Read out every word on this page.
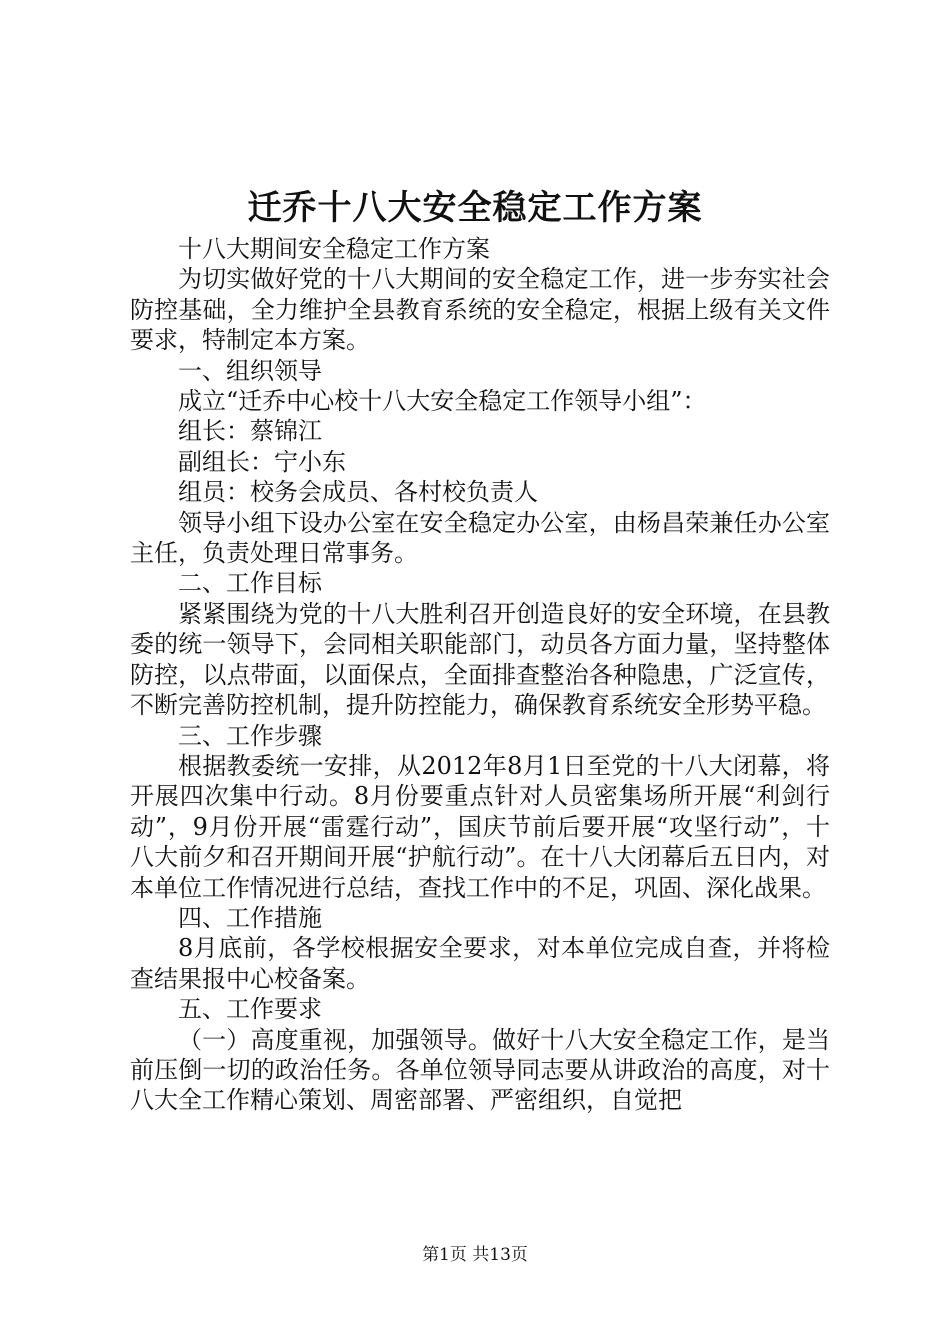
迁乔十八大安全稳定工作方案

十八大期间安全稳定工作方案

为切实做好党的十八大期间的安全稳定工作，进一步夯实社会防控基础，全力维护全县教育系统的安全稳定，根据上级有关文件要求，特制定本方案。

一、组织领导

成立“迁乔中心校十八大安全稳定工作领导小组”：

组长：蔡锦江

副组长：宁小东

组员：校务会成员、各村校负责人

领导小组下设办公室在安全稳定办公室，由杨昌荣兼任办公室主任，负责处理日常事务。

二、工作目标

紧紧围绕为党的十八大胜利召开创造良好的安全环境，在县教委的统一领导下，会同相关职能部门，动员各方面力量，坚持整体防控，以点带面，以面保点，全面排查整治各种隐患，广泛宣传，不断完善防控机制，提升防控能力，确保教育系统安全形势平稳。

三、工作步骤

根据教委统一安排，从2012年8月1日至党的十八大闭幕，将开展四次集中行动。8月份要重点针对人员密集场所开展“利剑行动”，9月份开展“雷霆行动”，国庆节前后要开展“攻坚行动”，十八大前夕和召开期间开展“护航行动”。在十八大闭幕后五日内，对本单位工作情况进行总结，查找工作中的不足，巩固、深化战果。

四、工作措施

8月底前，各学校根据安全要求，对本单位完成自查，并将检查结果报中心校备案。

五、工作要求

（一）高度重视，加强领导。做好十八大安全稳定工作，是当前压倒一切的政治任务。各单位领导同志要从讲政治的高度，对十八大全工作精心策划、周密部署、严密组织，自觉把

第1页 共13页
